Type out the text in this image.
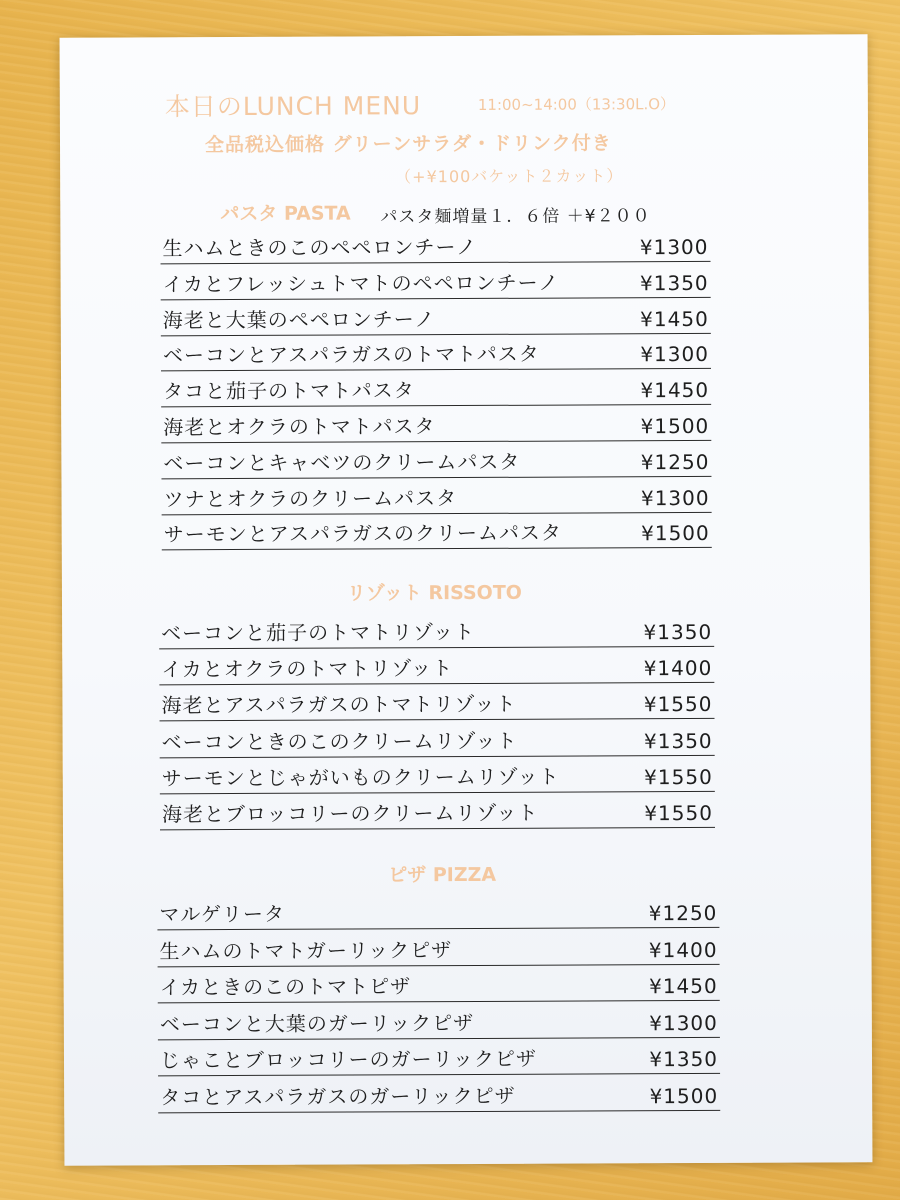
本日のLUNCH MENU	11:00~14:00（13:30L.O）
全品税込価格 グリーンサラダ・ドリンク付き
（+¥100バケット２カット）
パスタ PASTA パスタ麺増量１．６倍 ＋¥２００
生ハムときのこのペペロンチーノ	¥1300
イカとフレッシュトマトのペペロンチーノ	¥1350
海老と大葉のペペロンチーノ	¥1450
ベーコンとアスパラガスのトマトパスタ	¥1300
タコと茄子のトマトパスタ	¥1450
海老とオクラのトマトパスタ	¥1500
ベーコンとキャベツのクリームパスタ	¥1250
ツナとオクラのクリームパスタ	¥1300
サーモンとアスパラガスのクリームパスタ	¥1500
リゾット RISSOTO
ベーコンと茄子のトマトリゾット	¥1350
イカとオクラのトマトリゾット	¥1400
海老とアスパラガスのトマトリゾット	¥1550
ベーコンときのこのクリームリゾット	¥1350
サーモンとじゃがいものクリームリゾット	¥1550
海老とブロッコリーのクリームリゾット	¥1550
ピザ PIZZA
マルゲリータ	¥1250
生ハムのトマトガーリックピザ	¥1400
イカときのこのトマトピザ	¥1450
ベーコンと大葉のガーリックピザ	¥1300
じゃことブロッコリーのガーリックピザ	¥1350
タコとアスパラガスのガーリックピザ	¥1500
